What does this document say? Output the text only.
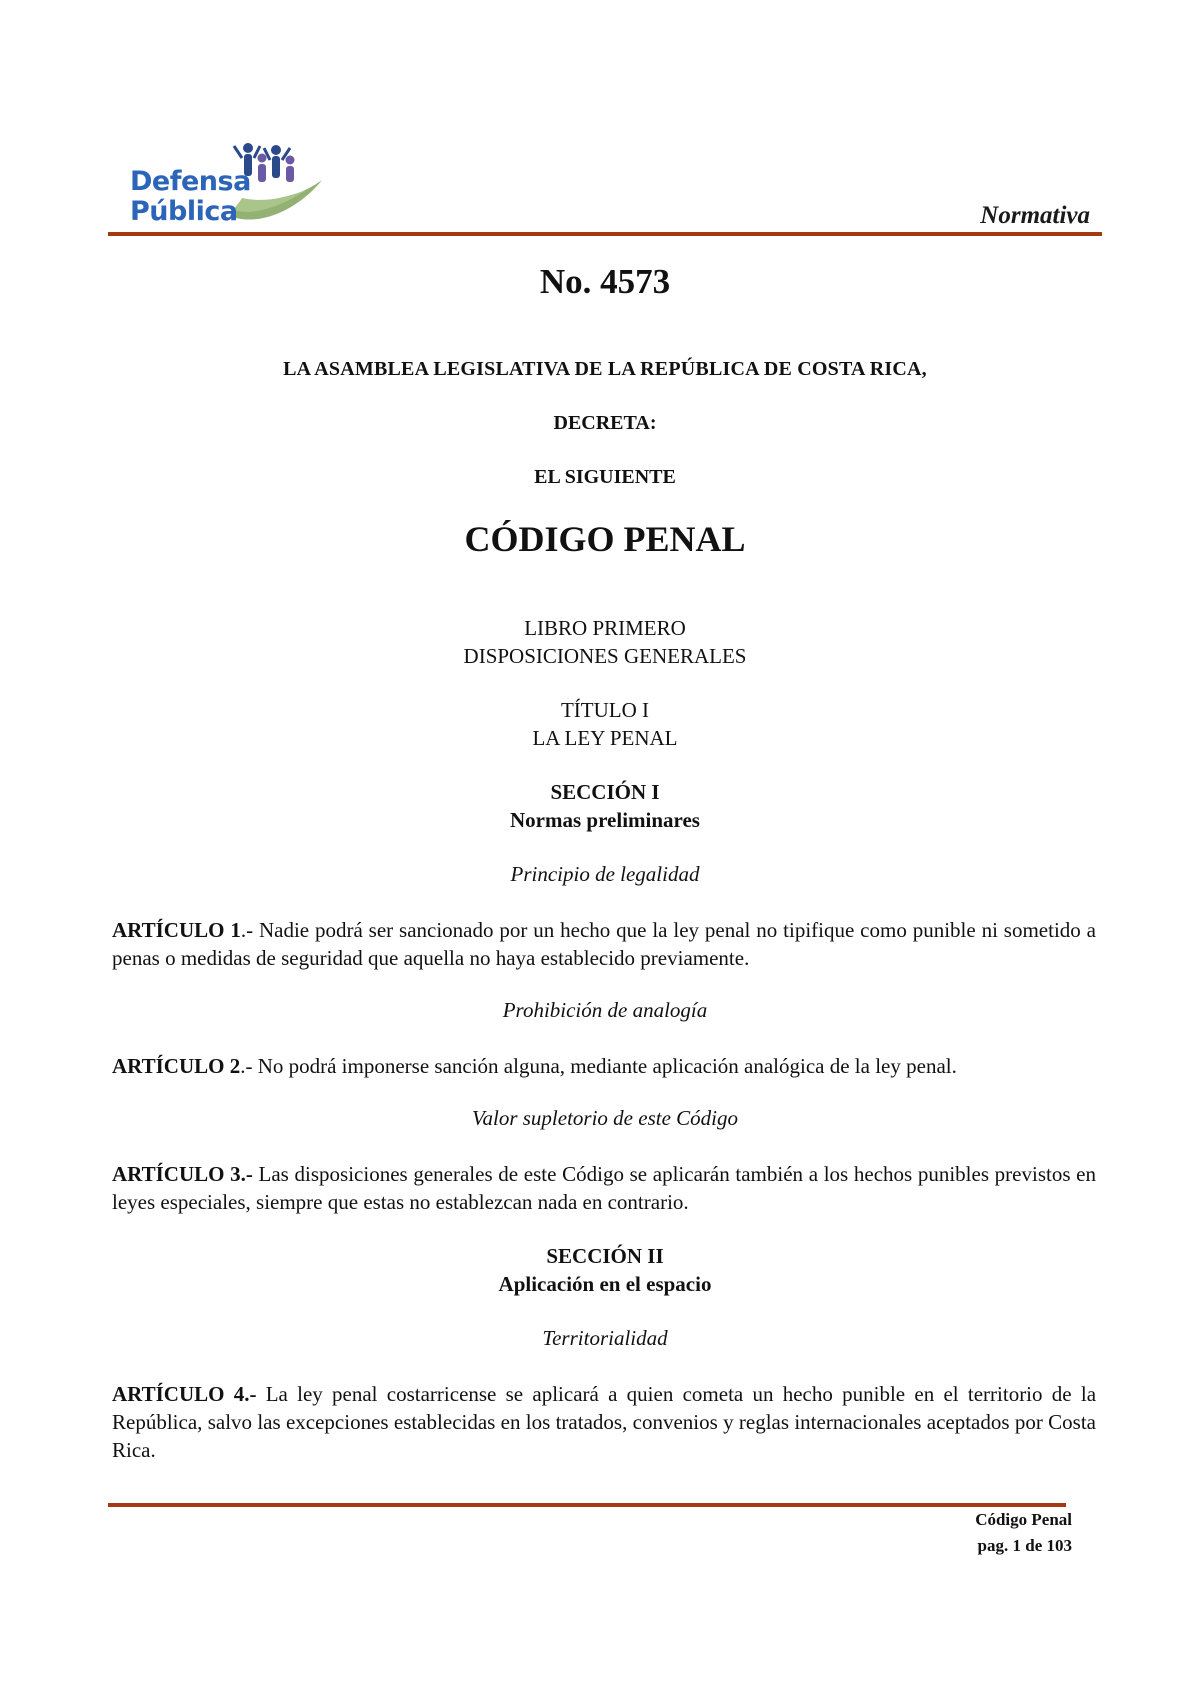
Defensa
Pública	Normativa
No. 4573
LA ASAMBLEA LEGISLATIVA DE LA REPÚBLICA DE COSTA RICA,
DECRETA:
EL SIGUIENTE
CÓDIGO PENAL
LIBRO PRIMERO
DISPOSICIONES GENERALES
TÍTULO I
LA LEY PENAL
SECCIÓN I
Normas preliminares
Principio de legalidad
ARTÍCULO 1.- Nadie podrá ser sancionado por un hecho que la ley penal no tipifique como punible ni sometido a penas o medidas de seguridad que aquella no haya establecido previamente.
Prohibición de analogía
ARTÍCULO 2.- No podrá imponerse sanción alguna, mediante aplicación analógica de la ley penal.
Valor supletorio de este Código
ARTÍCULO 3.- Las disposiciones generales de este Código se aplicarán también a los hechos punibles previstos en leyes especiales, siempre que estas no establezcan nada en contrario.
SECCIÓN II
Aplicación en el espacio
Territorialidad
ARTÍCULO 4.- La ley penal costarricense se aplicará a quien cometa un hecho punible en el territorio de la República, salvo las excepciones establecidas en los tratados, convenios y reglas internacionales aceptados por Costa Rica.
Código Penal
pag. 1 de 103
